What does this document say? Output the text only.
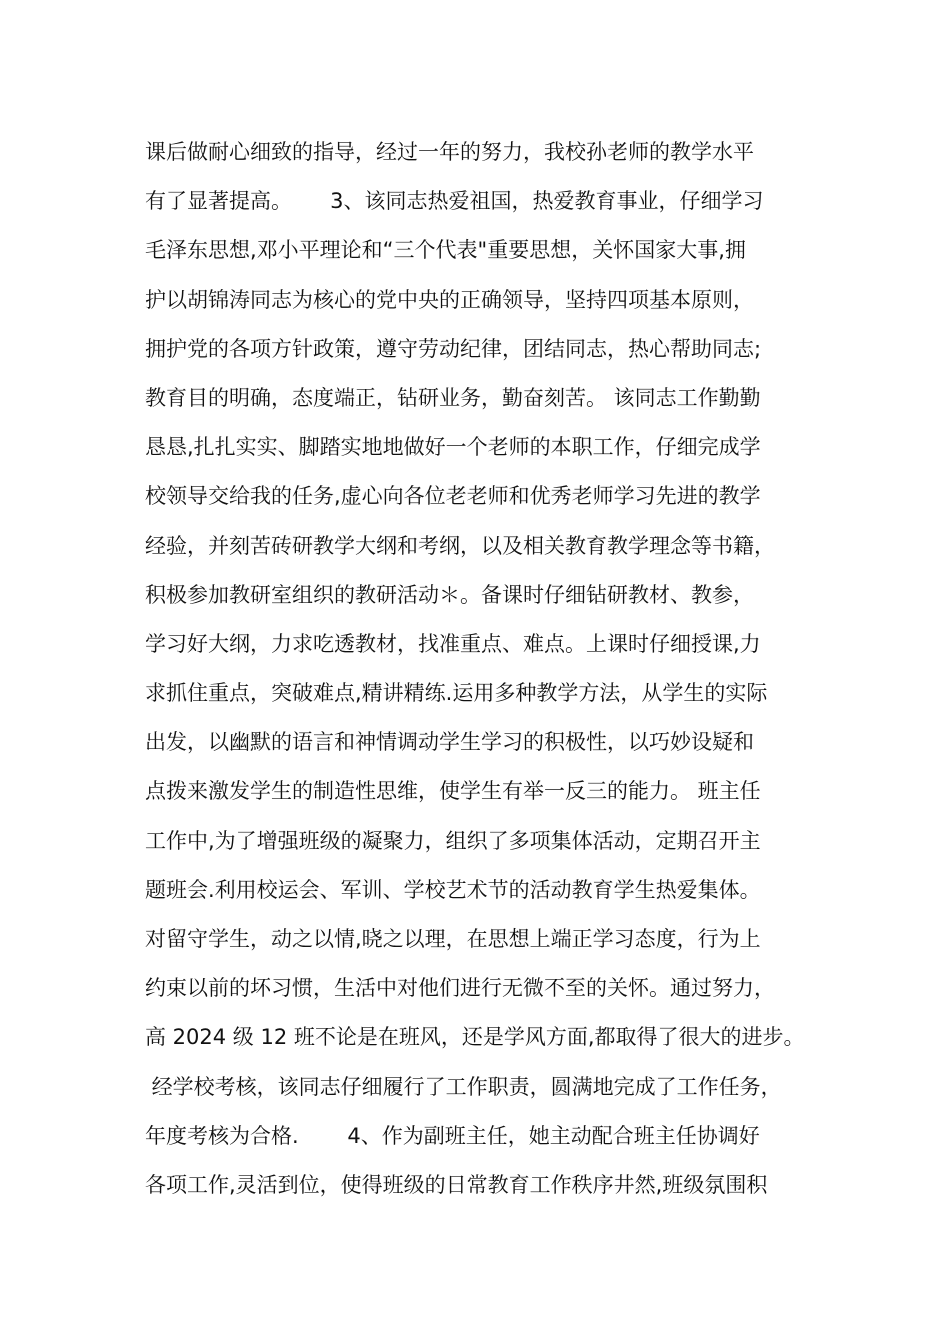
课后做耐心细致的指导，经过一年的努力，我校孙老师的教学水平
有了显著提高。　　 3、该同志热爱祖国，热爱教育事业，仔细学习
毛泽东思想,邓小平理论和“三个代表"重要思想，关怀国家大事,拥
护以胡锦涛同志为核心的党中央的正确领导，坚持四项基本原则，
拥护党的各项方针政策，遵守劳动纪律，团结同志，热心帮助同志;
教育目的明确，态度端正，钻研业务，勤奋刻苦。 该同志工作勤勤
恳恳,扎扎实实、脚踏实地地做好一个老师的本职工作，仔细完成学
校领导交给我的任务,虚心向各位老老师和优秀老师学习先进的教学
经验，并刻苦砖研教学大纲和考纲，以及相关教育教学理念等书籍，
积极参加教研室组织的教研活动＊。备课时仔细钻研教材、教参，
学习好大纲，力求吃透教材，找准重点、难点。上课时仔细授课,力
求抓住重点，突破难点,精讲精练.运用多种教学方法，从学生的实际
出发，以幽默的语言和神情调动学生学习的积极性，以巧妙设疑和
点拨来激发学生的制造性思维，使学生有举一反三的能力。 班主任
工作中,为了增强班级的凝聚力，组织了多项集体活动，定期召开主
题班会.利用校运会、军训、学校艺术节的活动教育学生热爱集体。
对留守学生，动之以情,晓之以理，在思想上端正学习态度，行为上
约束以前的坏习惯，生活中对他们进行无微不至的关怀。通过努力，
高 2024 级 12 班不论是在班风，还是学风方面,都取得了很大的进步。
经学校考核，该同志仔细履行了工作职责，圆满地完成了工作任务，
年度考核为合格.　　 4、作为副班主任，她主动配合班主任协调好
各项工作,灵活到位，使得班级的日常教育工作秩序井然,班级氛围积
